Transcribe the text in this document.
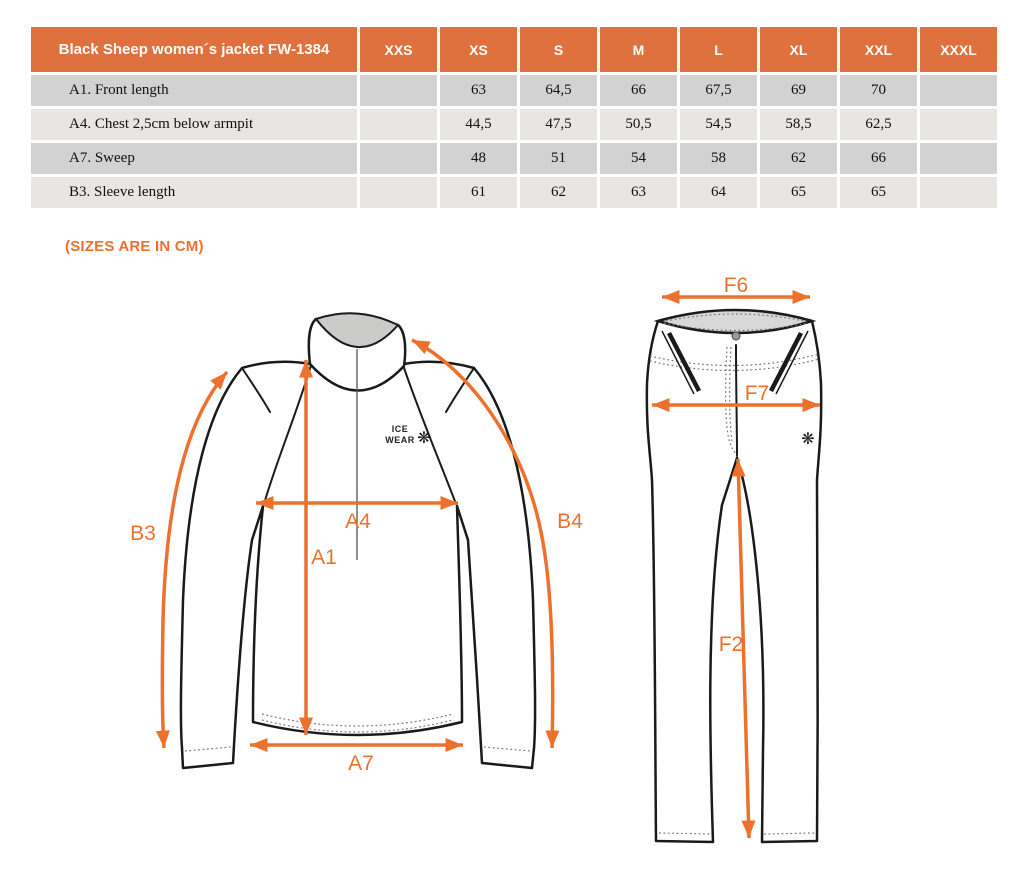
Black Sheep women´s jacket FW-1384	XXS	XS	S	M	L	XL	XXL	XXXL
A1. Front length		63	64,5	66	67,5	69	70	
A4. Chest 2,5cm below armpit		44,5	47,5	50,5	54,5	58,5	62,5	
A7. Sweep		48	51	54	58	62	66	
B3. Sleeve length		61	62	63	64	65	65	
(SIZES ARE IN CM)
ICE
WEAR ❋
B3
A1
A4	B4
A7
❋
F6
F7
F2
